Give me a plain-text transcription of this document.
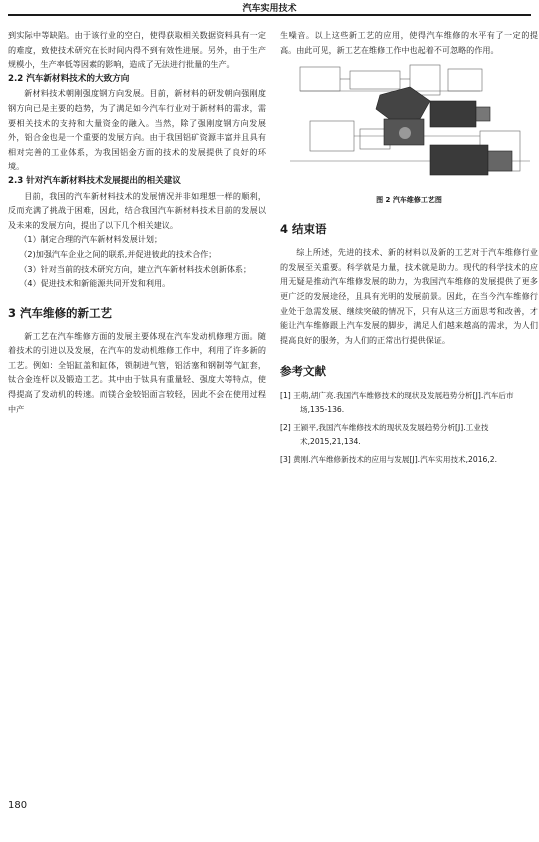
汽车实用技术

到实际中等缺陷。由于该行业的空白，使得获取相关数据资料具有一定的难度，致使技术研究在长时间内得不到有效性进展。另外，由于生产规模小，生产率低等因素的影响，造成了无法进行批量的生产。

2.2 汽车新材料技术的大致方向

新材料技术朝刚强度钢方向发展。目前，新材料的研发朝向强刚度钢方向已是主要的趋势，为了满足如今汽车行业对于新材料的需求，需要相关技术的支持和大量资金的融入。当然，除了强刚度钢方向发展外，铝合金也是一个重要的发展方向。由于我国铝矿资源丰富并且具有相对完善的工业体系，为我国铝金方面的技术的发展提供了良好的环境。

2.3 针对汽车新材料技术发展提出的相关建议

目前，我国的汽车新材料技术的发展情况并非如理想一样的顺利，反而充满了挑战于困难，因此，结合我国汽车新材料技术目前的发展以及未来的发展方向，提出了以下几个相关建议。

（1）制定合理的汽车新材料发展计划；

（2)加强汽车企业之间的联系,并促进彼此的技术合作；

（3）针对当前的技术研究方向，建立汽车新材料技术创新体系；

（4）促进技术和新能源共同开发和利用。

3 汽车维修的新工艺

新工艺在汽车维修方面的发展主要体现在汽车发动机修理方面。随着技术的引进以及发展，在汽车的发动机维修工作中，利用了许多新的工艺。例如：全铝缸盖和缸体，锁制进气管，铝活塞和钢制等气缸套，钛合金连杆以及锻造工艺。其中由于钛具有重量轻、强度大等特点，使得提高了发动机的转速。而镁合金较铝面言较轻，因此不会在使用过程中产

生噪音。以上这些新工艺的应用，使得汽车维修的水平有了一定的提高。由此可见，新工艺在维修工作中也起着不可忽略的作用。

图 2 汽车维修工艺图
4 结束语

综上所述，先进的技术、新的材料以及新的工艺对于汽车维修行业的发展至关重要。科学就是力量，技术就是助力。现代的科学技术的应用无疑是推动汽车维修发展的助力，为我国汽车维修的发展提供了更多更广泛的发展途径，且具有光明的发展前景。因此，在当今汽车维修行业处于急需发展、继续突破的情况下，只有从这三方面思考和改善，才能让汽车维修跟上汽车发展的脚步，满足人们越来越高的需求，为人们提高良好的服务，为人们的正常出行提供保证。

参考文献

[1] 王萌,胡广亮.我国汽车维修技术的现状及发展趋势分析[J].汽车后市场,135-136.

[2] 王颍平,我国汽车维修技术的现状及发展趋势分析[J].工业技术,2015,21,134.

[3] 黄刚.汽车维修新技术的应用与发展[J].汽车实用技术,2016,2.

180
